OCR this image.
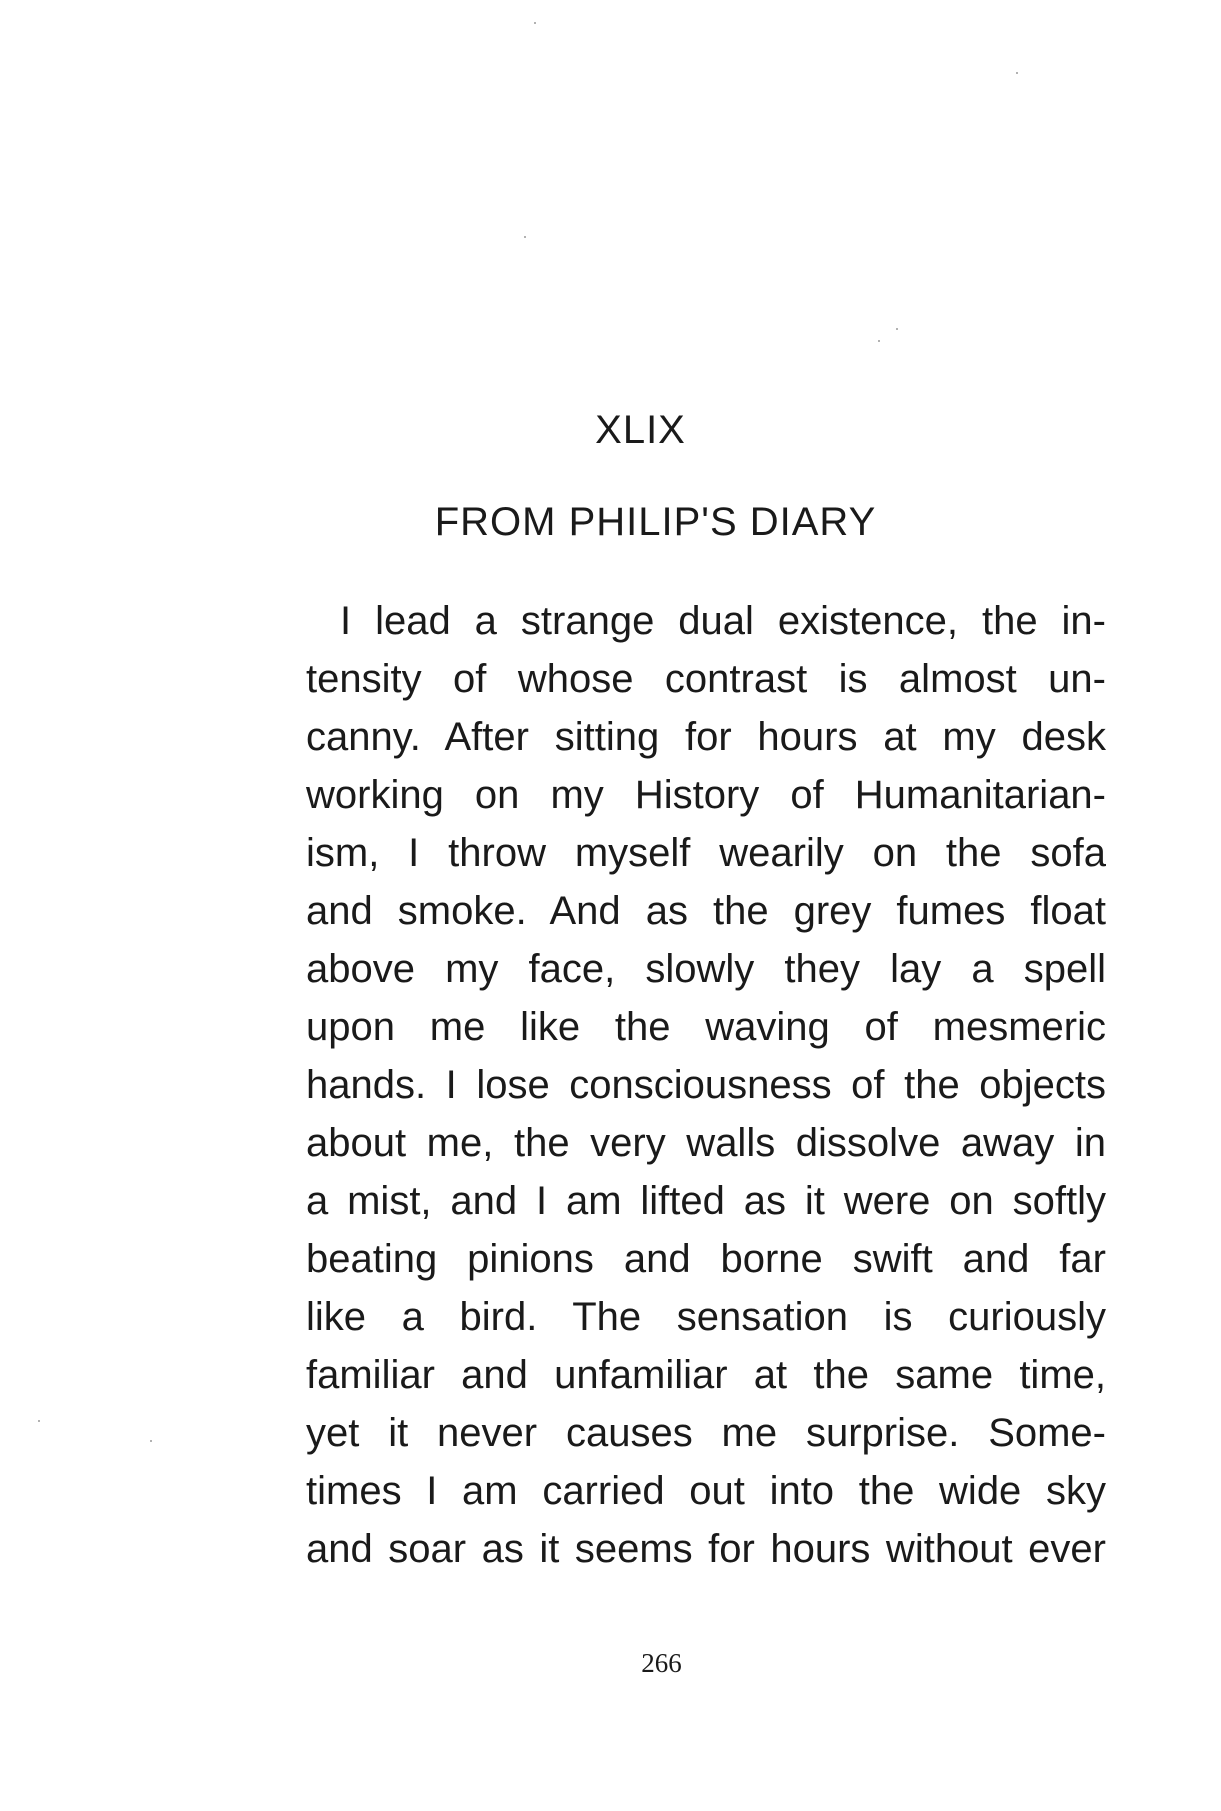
XLIX
FROM PHILIP'S DIARY
I lead a strange dual existence, the in-
tensity of whose contrast is almost un-
canny. After sitting for hours at my desk
working on my History of Humanitarian-
ism, I throw myself wearily on the sofa
and smoke. And as the grey fumes float
above my face, slowly they lay a spell
upon me like the waving of mesmeric
hands. I lose consciousness of the objects
about me, the very walls dissolve away in
a mist, and I am lifted as it were on softly
beating pinions and borne swift and far
like a bird. The sensation is curiously
familiar and unfamiliar at the same time,
yet it never causes me surprise. Some-
times I am carried out into the wide sky
and soar as it seems for hours without ever
266
